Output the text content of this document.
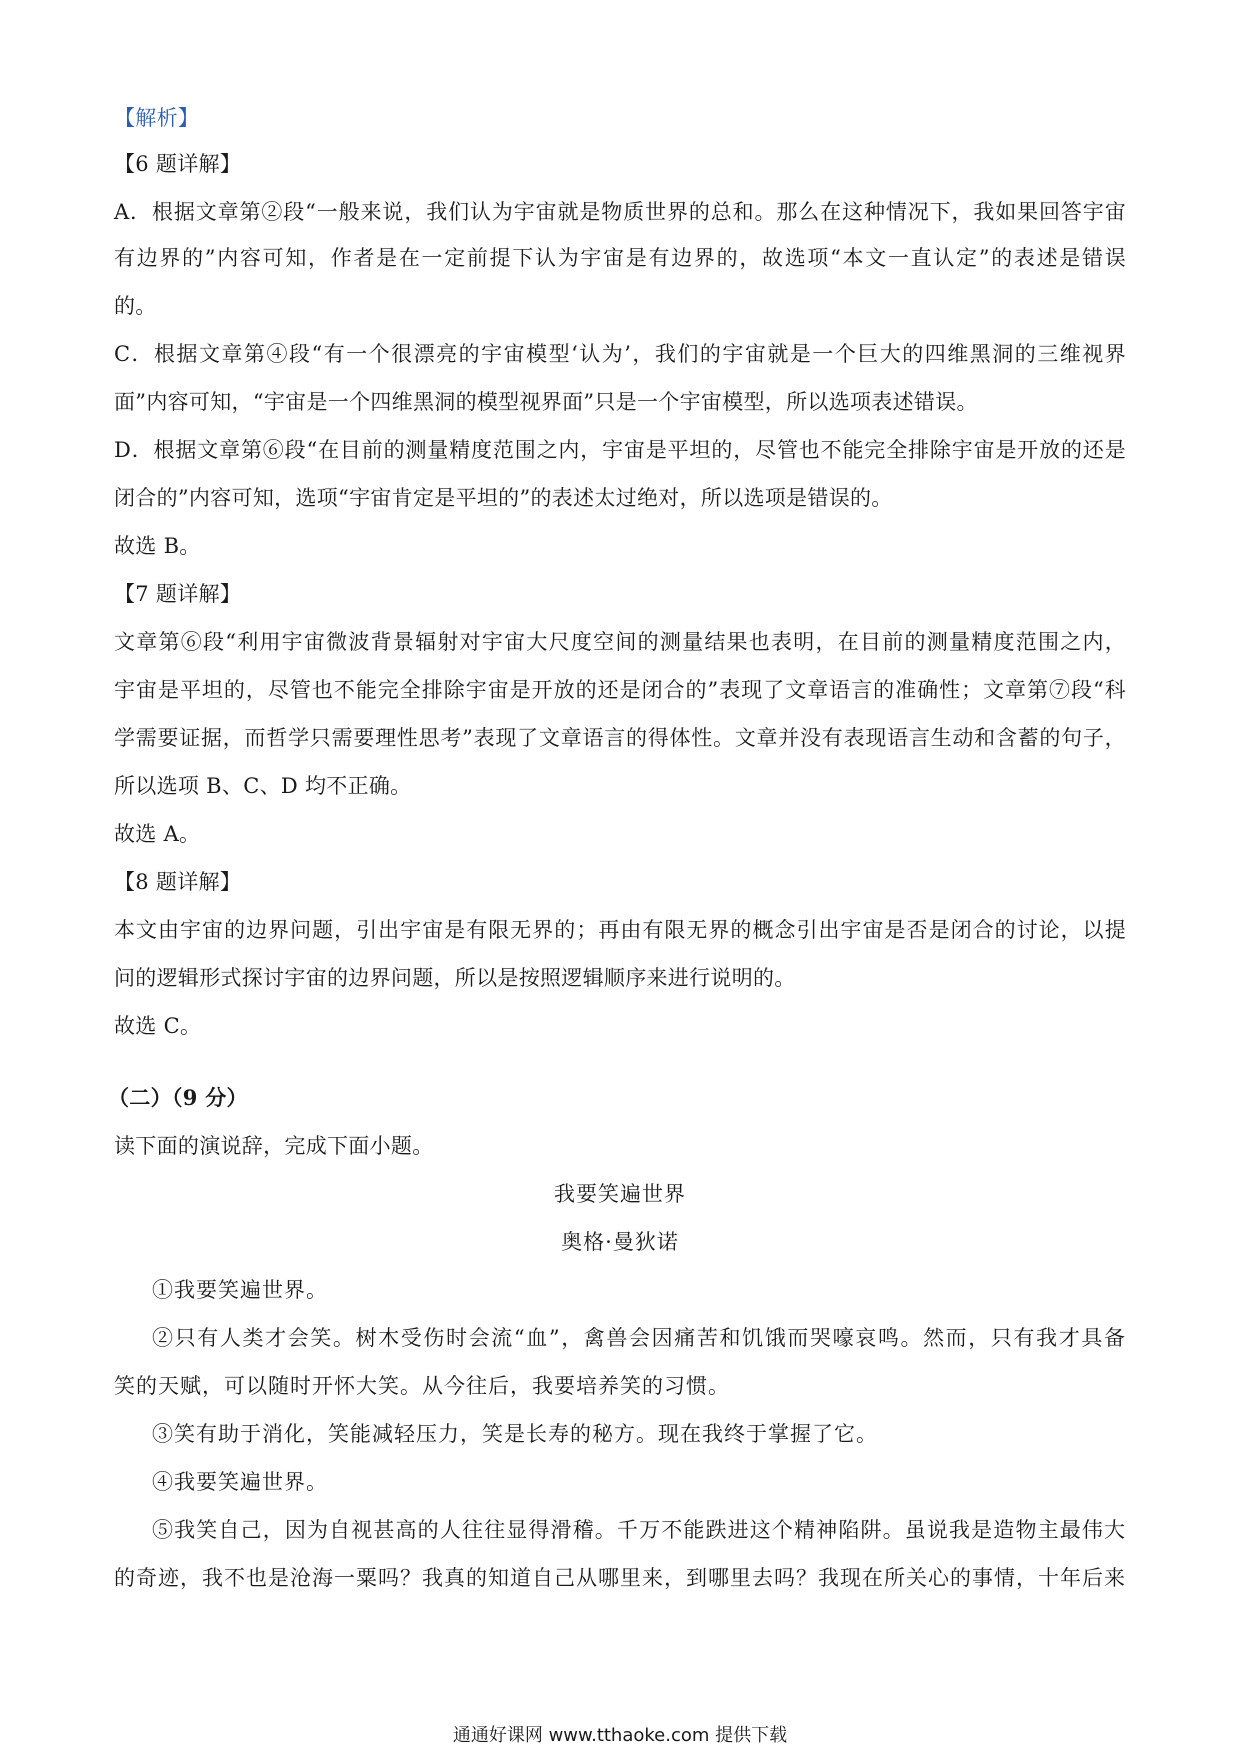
【解析】
【6 题详解】
A．根据文章第②段“一般来说，我们认为宇宙就是物质世界的总和。那么在这种情况下，我如果回答宇宙
有边界的”内容可知，作者是在一定前提下认为宇宙是有边界的，故选项“本文一直认定”的表述是错误
的。
C．根据文章第④段“有一个很漂亮的宇宙模型‘认为’，我们的宇宙就是一个巨大的四维黑洞的三维视界
面”内容可知，“宇宙是一个四维黑洞的模型视界面”只是一个宇宙模型，所以选项表述错误。
D．根据文章第⑥段“在目前的测量精度范围之内，宇宙是平坦的，尽管也不能完全排除宇宙是开放的还是
闭合的”内容可知，选项“宇宙肯定是平坦的”的表述太过绝对，所以选项是错误的。
故选 B。
【7 题详解】
文章第⑥段“利用宇宙微波背景辐射对宇宙大尺度空间的测量结果也表明，在目前的测量精度范围之内，
宇宙是平坦的，尽管也不能完全排除宇宙是开放的还是闭合的”表现了文章语言的准确性；文章第⑦段“科
学需要证据，而哲学只需要理性思考”表现了文章语言的得体性。文章并没有表现语言生动和含蓄的句子，
所以选项 B、C、D 均不正确。
故选 A。
【8 题详解】
本文由宇宙的边界问题，引出宇宙是有限无界的；再由有限无界的概念引出宇宙是否是闭合的讨论，以提
问的逻辑形式探讨宇宙的边界问题，所以是按照逻辑顺序来进行说明的。
故选 C。
（二）（9 分）
读下面的演说辞，完成下面小题。
我要笑遍世界
奥格·曼狄诺
①我要笑遍世界。
②只有人类才会笑。树木受伤时会流“血”，禽兽会因痛苦和饥饿而哭嚎哀鸣。然而，只有我才具备
笑的天赋，可以随时开怀大笑。从今往后，我要培养笑的习惯。
③笑有助于消化，笑能减轻压力，笑是长寿的秘方。现在我终于掌握了它。
④我要笑遍世界。
⑤我笑自己，因为自视甚高的人往往显得滑稽。千万不能跌进这个精神陷阱。虽说我是造物主最伟大
的奇迹，我不也是沧海一粟吗？我真的知道自己从哪里来，到哪里去吗？我现在所关心的事情，十年后来
通通好课网 www.tthaoke.com 提供下载
